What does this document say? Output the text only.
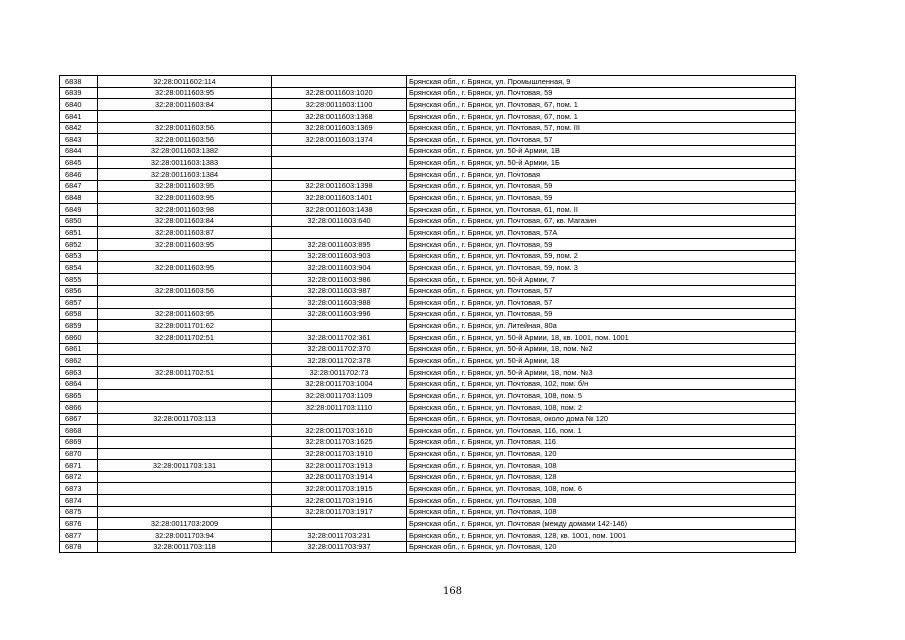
6838	32:28:0011602:114		Брянская обл., г. Брянск, ул. Промышленная, 9
6839	32:28:0011603:95	32:28:0011603:1020	Брянская обл., г. Брянск, ул. Почтовая, 59
6840	32:28:0011603:84	32:28:0011603:1100	Брянская обл., г. Брянск, ул. Почтовая, 67, пом. 1
6841		32:28:0011603:1368	Брянская обл., г. Брянск, ул. Почтовая, 67, пом. 1
6842	32:28:0011603:56	32:28:0011603:1369	Брянская обл., г. Брянск, ул. Почтовая, 57, пом. III
6843	32:28:0011603:56	32:28:0011603:1374	Брянская обл., г. Брянск, ул. Почтовая, 57
6844	32:28:0011603:1382		Брянская обл., г. Брянск, ул. 50-й Армии, 1В
6845	32:28:0011603:1383		Брянская обл., г. Брянск, ул. 50-й Армии, 1Б
6846	32:28:0011603:1384		Брянская обл., г. Брянск, ул. Почтовая
6847	32:28:0011603:95	32:28:0011603:1398	Брянская обл., г. Брянск, ул. Почтовая, 59
6848	32:28:0011603:95	32:28:0011603:1401	Брянская обл., г. Брянск, ул. Почтовая, 59
6849	32:28:0011603:98	32:28:0011603:1438	Брянская обл., г. Брянск, ул. Почтовая, 61, пом. II
6850	32:28:0011603:84	32:28:0011603:640	Брянская обл., г. Брянск, ул. Почтовая, 67, кв. Магазин
6851	32:28:0011603:87		Брянская обл., г. Брянск, ул. Почтовая, 57А
6852	32:28:0011603:95	32:28:0011603:895	Брянская обл., г. Брянск, ул. Почтовая, 59
6853		32:28:0011603:903	Брянская обл., г. Брянск, ул. Почтовая, 59, пом. 2
6854	32:28:0011603:95	32:28:0011603:904	Брянская обл., г. Брянск, ул. Почтовая, 59, пом. 3
6855		32:28:0011603:986	Брянская обл., г. Брянск, ул. 50-й Армии, 7
6856	32:28:0011603:56	32:28:0011603:987	Брянская обл., г. Брянск, ул. Почтовая, 57
6857		32:28:0011603:988	Брянская обл., г. Брянск, ул. Почтовая, 57
6858	32:28:0011603:95	32:28:0011603:996	Брянская обл., г. Брянск, ул. Почтовая, 59
6859	32:28:0011701:62		Брянская обл., г. Брянск, ул. Литейная, 80а
6860	32:28:0011702:51	32:28:0011702:361	Брянская обл., г. Брянск, ул. 50-й Армии, 18, кв. 1001, пом. 1001
6861		32:28:0011702:370	Брянская обл., г. Брянск, ул. 50-й Армии, 18, пом. №2
6862		32:28:0011702:378	Брянская обл., г. Брянск, ул. 50-й Армии, 18
6863	32:28:0011702:51	32:28:0011702:73	Брянская обл., г. Брянск, ул. 50-й Армии, 18, пом. №3
6864		32:28:0011703:1004	Брянская обл., г. Брянск, ул. Почтовая, 102, пом. б/н
6865		32:28:0011703:1109	Брянская обл., г. Брянск, ул. Почтовая, 108, пом. 5
6866		32:28:0011703:1110	Брянская обл., г. Брянск, ул. Почтовая, 108, пом. 2
6867	32:28:0011703:113		Брянская обл., г. Брянск, ул. Почтовая, около дома № 120
6868		32:28:0011703:1610	Брянская обл., г. Брянск, ул. Почтовая, 116, пом. 1
6869		32:28:0011703:1625	Брянская обл., г. Брянск, ул. Почтовая, 116
6870		32:28:0011703:1910	Брянская обл., г. Брянск, ул. Почтовая, 120
6871	32:28:0011703:131	32:28:0011703:1913	Брянская обл., г. Брянск, ул. Почтовая, 108
6872		32:28:0011703:1914	Брянская обл., г. Брянск, ул. Почтовая, 128
6873		32:28:0011703:1915	Брянская обл., г. Брянск, ул. Почтовая, 108, пом. 6
6874		32:28:0011703:1916	Брянская обл., г. Брянск, ул. Почтовая, 108
6875		32:28:0011703:1917	Брянская обл., г. Брянск, ул. Почтовая, 108
6876	32:28:0011703:2009		Брянская обл., г. Брянск, ул. Почтовая (между домами 142-146)
6877	32:28:0011703:94	32:28:0011703:231	Брянская обл., г. Брянск, ул. Почтовая, 128, кв. 1001, пом. 1001
6878	32:28:0011703:118	32:28:0011703:937	Брянская обл., г. Брянск, ул. Почтовая, 120
168
